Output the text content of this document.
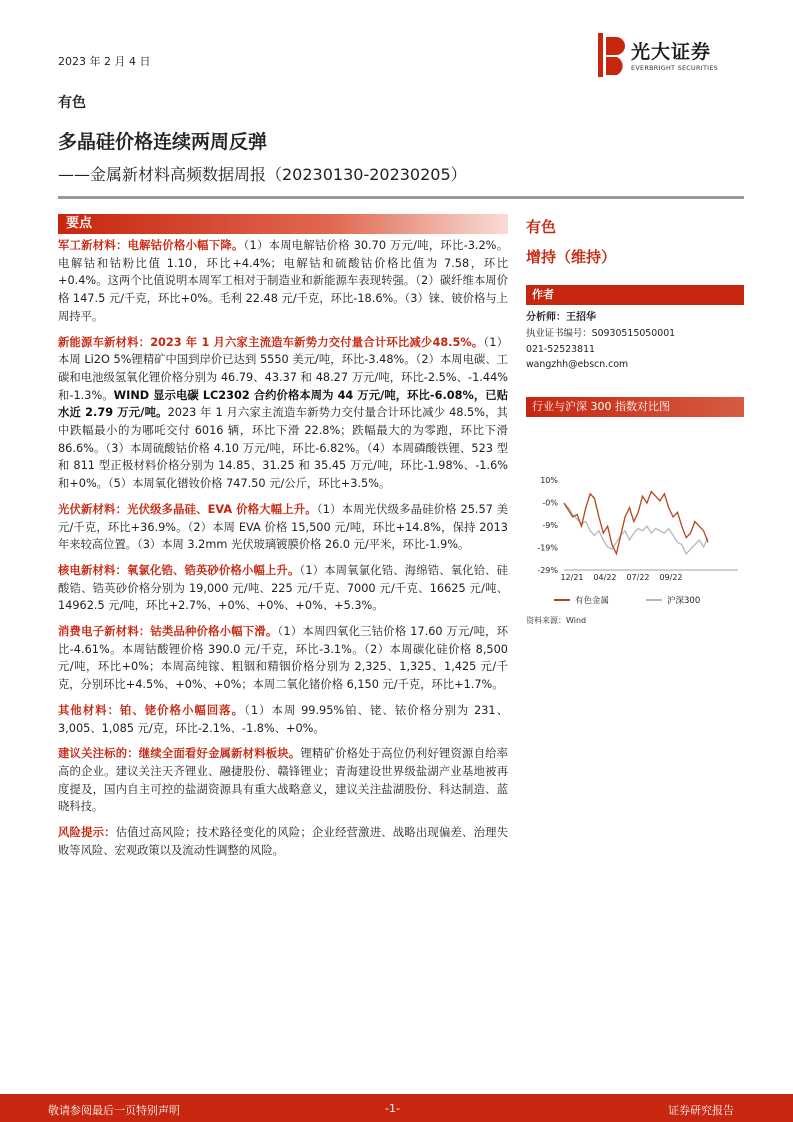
2023 年 2 月 4 日	光大证券
EVERBRIGHT SECURITIES
有色
多晶硅价格连续两周反弹
——金属新材料高频数据周报（20230130-20230205）
要点
军工新材料：电解钴价格小幅下降。（1）本周电解钴价格 30.70 万元/吨，环比-3.2%。电解钴和钴粉比值 1.10，环比+4.4%；电解钴和硫酸钴价格比值为 7.58，环比+0.4%。这两个比值说明本周军工相对于制造业和新能源车表现转强。（2）碳纤维本周价格 147.5 元/千克，环比+0%。毛利 22.48 元/千克，环比-18.6%。（3）铼、铍价格与上周持平。
新能源车新材料：2023 年 1 月六家主流造车新势力交付量合计环比减少48.5%。（1）本周 Li2O 5%锂精矿中国到岸价已达到 5550 美元/吨，环比-3.48%。（2）本周电碳、工碳和电池级氢氧化锂价格分别为 46.79、43.37 和 48.27 万元/吨，环比-2.5%、-1.44%和-1.3%。WIND 显示电碳 LC2302 合约价格本周为 44 万元/吨，环比-6.08%，已贴水近 2.79 万元/吨。2023 年 1 月六家主流造车新势力交付量合计环比减少 48.5%，其中跌幅最小的为哪吒交付 6016 辆，环比下滑 22.8%；跌幅最大的为零跑，环比下滑 86.6%。（3）本周硫酸钴价格 4.10 万元/吨，环比-6.82%。（4）本周磷酸铁锂、523 型和 811 型正极材料价格分别为 14.85、31.25 和 35.45 万元/吨，环比-1.98%、-1.6%和+0%。（5）本周氧化镨钕价格 747.50 元/公斤，环比+3.5%。
光伏新材料：光伏级多晶硅、EVA 价格大幅上升。（1）本周光伏级多晶硅价格 25.57 美元/千克，环比+36.9%。（2）本周 EVA 价格 15,500 元/吨，环比+14.8%，保持 2013 年来较高位置。（3）本周 3.2mm 光伏玻璃镀膜价格 26.0 元/平米，环比-1.9%。
核电新材料：氧氯化锆、锆英砂价格小幅上升。（1）本周氧氯化锆、海绵锆、氧化铪、硅酸锆、锆英砂价格分别为 19,000 元/吨、225 元/千克、7000 元/千克、16625 元/吨、14962.5 元/吨，环比+2.7%、+0%、+0%、+0%、+5.3%。
消费电子新材料：钴类品种价格小幅下滑。（1）本周四氧化三钴价格 17.60 万元/吨，环比-4.61%。本周钴酸锂价格 390.0 元/千克，环比-3.1%。（2）本周碳化硅价格 8,500 元/吨，环比+0%；本周高纯镓、粗铟和精铟价格分别为 2,325、1,325、1,425 元/千克，分别环比+4.5%、+0%、+0%；本周二氧化锗价格 6,150 元/千克，环比+1.7%。
其他材料：铂、铑价格小幅回落。（1）本周 99.95%铂、铑、铱价格分别为 231、3,005、1,085 元/克，环比-2.1%、-1.8%、+0%。
建议关注标的：继续全面看好金属新材料板块。锂精矿价格处于高位仍利好锂资源自给率高的企业。建议关注天齐锂业、融捷股份、赣锋锂业；青海建设世界级盐湖产业基地被再度提及，国内自主可控的盐湖资源具有重大战略意义，建议关注盐湖股份、科达制造、蓝晓科技。
风险提示：估值过高风险；技术路径变化的风险；企业经营激进、战略出现偏差、治理失败等风险、宏观政策以及流动性调整的风险。
有色
增持（维持）
作者
分析师：王招华
执业证书编号：S0930515050001
021-52523811
wangzhh@ebscn.com
行业与沪深 300 指数对比图
10%
-0%
-9%
-19%
-29%
12/21 04/22 07/22 09/22
有色金属	沪深300
资料来源：Wind
敬请参阅最后一页特别声明	-1-	证券研究报告
